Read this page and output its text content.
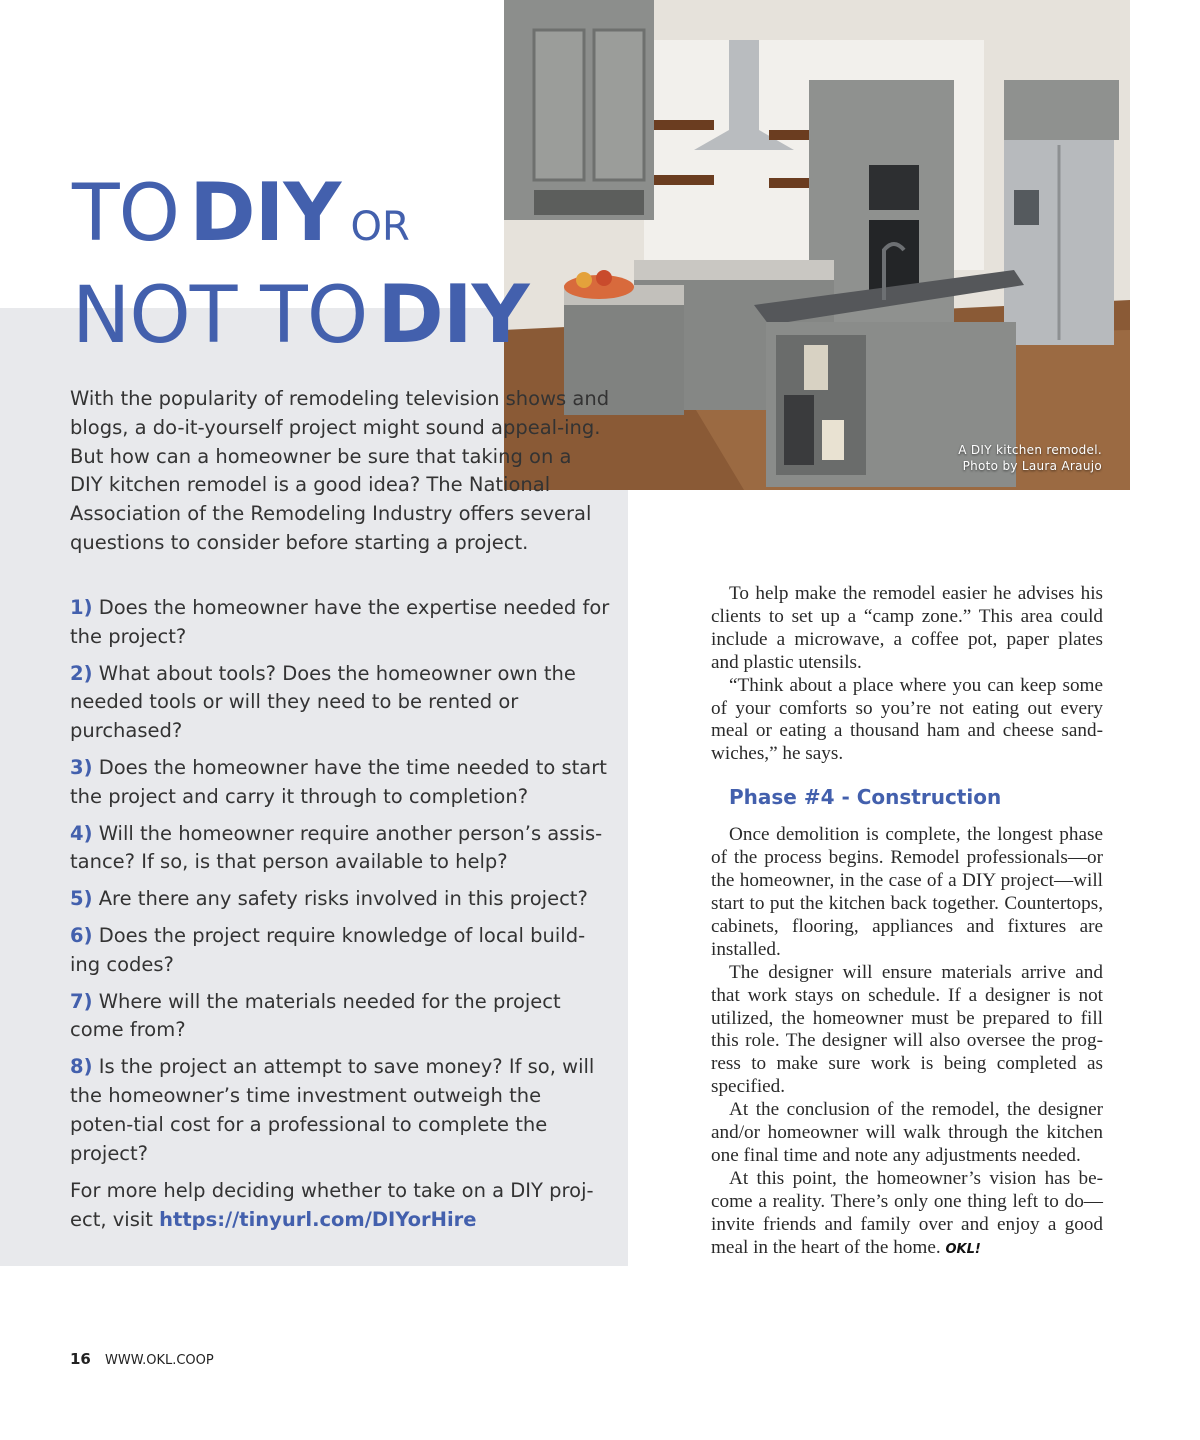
A DIY kitchen remodel.
Photo by Laura Araujo
TO DIY OR
NOT TO DIY

With the popularity of remodeling television shows and blogs, a do-it-yourself project might sound appeal-ing. But how can a homeowner be sure that taking on a DIY kitchen remodel is a good idea? The National Association of the Remodeling Industry offers several questions to consider before starting a project.

1) Does the homeowner have the expertise needed for the project?
2) What about tools? Does the homeowner own the needed tools or will they need to be rented or purchased?
3) Does the homeowner have the time needed to start the project and carry it through to completion?
4) Will the homeowner require another person’s assis-tance? If so, is that person available to help?
5) Are there any safety risks involved in this project?
6) Does the project require knowledge of local build-ing codes?
7) Where will the materials needed for the project come from?
8) Is the project an attempt to save money? If so, will the homeowner’s time investment outweigh the poten-tial cost for a professional to complete the project?

For more help deciding whether to take on a DIY proj-ect, visit https://tinyurl.com/DIYorHire

To help make the remodel easier he advises his clients to set up a “camp zone.” This area could include a microwave, a coffee pot, paper plates and plastic utensils.

“Think about a place where you can keep some of your comforts so you’re not eating out every meal or eating a thousand ham and cheese sand-wiches,” he says.

Phase #4 - Construction

Once demolition is complete, the longest phase of the process begins. Remodel professionals—or the homeowner, in the case of a DIY project—will start to put the kitchen back together. Countertops, cabinets, flooring, appliances and fixtures are installed.

The designer will ensure materials arrive and that work stays on schedule. If a designer is not utilized, the homeowner must be prepared to fill this role. The designer will also oversee the prog-ress to make sure work is being completed as specified.

At the conclusion of the remodel, the designer and/or homeowner will walk through the kitchen one final time and note any adjustments needed.

At this point, the homeowner’s vision has be-come a reality. There’s only one thing left to do—invite friends and family over and enjoy a good meal in the heart of the home. OKL!

16 WWW.OKL.COOP
